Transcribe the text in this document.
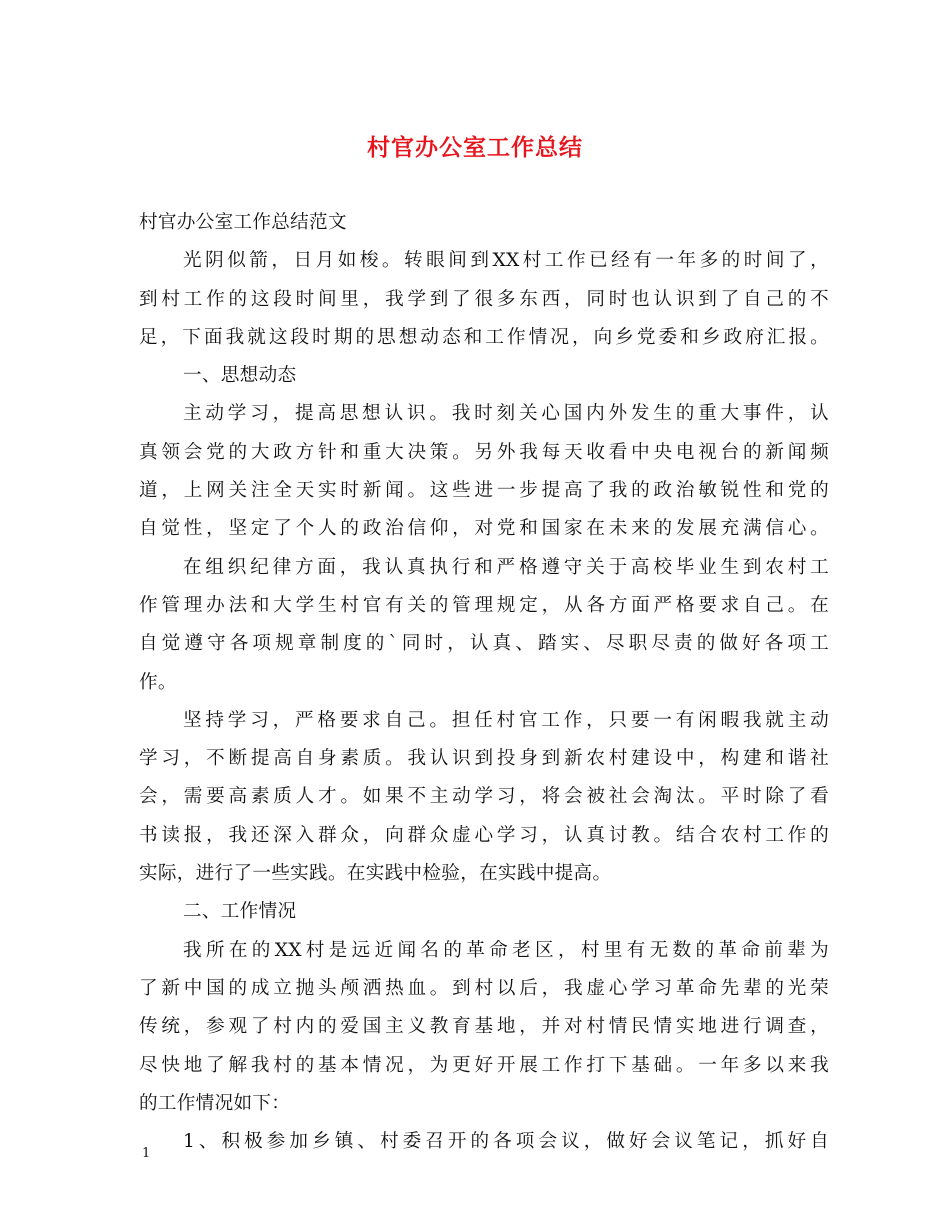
村官办公室工作总结
村官办公室工作总结范文
光阴似箭，日月如梭。转眼间到XX村工作已经有一年多的时间了，
到村工作的这段时间里，我学到了很多东西，同时也认识到了自己的不
足，下面我就这段时期的思想动态和工作情况，向乡党委和乡政府汇报。
一、思想动态
主动学习，提高思想认识。我时刻关心国内外发生的重大事件，认
真领会党的大政方针和重大决策。另外我每天收看中央电视台的新闻频
道，上网关注全天实时新闻。这些进一步提高了我的政治敏锐性和党的
自觉性，坚定了个人的政治信仰，对党和国家在未来的发展充满信心。
在组织纪律方面，我认真执行和严格遵守关于高校毕业生到农村工
作管理办法和大学生村官有关的管理规定，从各方面严格要求自己。在
自觉遵守各项规章制度的`同时，认真、踏实、尽职尽责的做好各项工
作。
坚持学习，严格要求自己。担任村官工作，只要一有闲暇我就主动
学习，不断提高自身素质。我认识到投身到新农村建设中，构建和谐社
会，需要高素质人才。如果不主动学习，将会被社会淘汰。平时除了看
书读报，我还深入群众，向群众虚心学习，认真讨教。结合农村工作的
实际，进行了一些实践。在实践中检验，在实践中提高。
二、工作情况
我所在的XX村是远近闻名的革命老区，村里有无数的革命前辈为
了新中国的成立抛头颅洒热血。到村以后，我虚心学习革命先辈的光荣
传统，参观了村内的爱国主义教育基地，并对村情民情实地进行调查，
尽快地了解我村的基本情况，为更好开展工作打下基础。一年多以来我
的工作情况如下：
1、积极参加乡镇、村委召开的各项会议，做好会议笔记，抓好自
1
